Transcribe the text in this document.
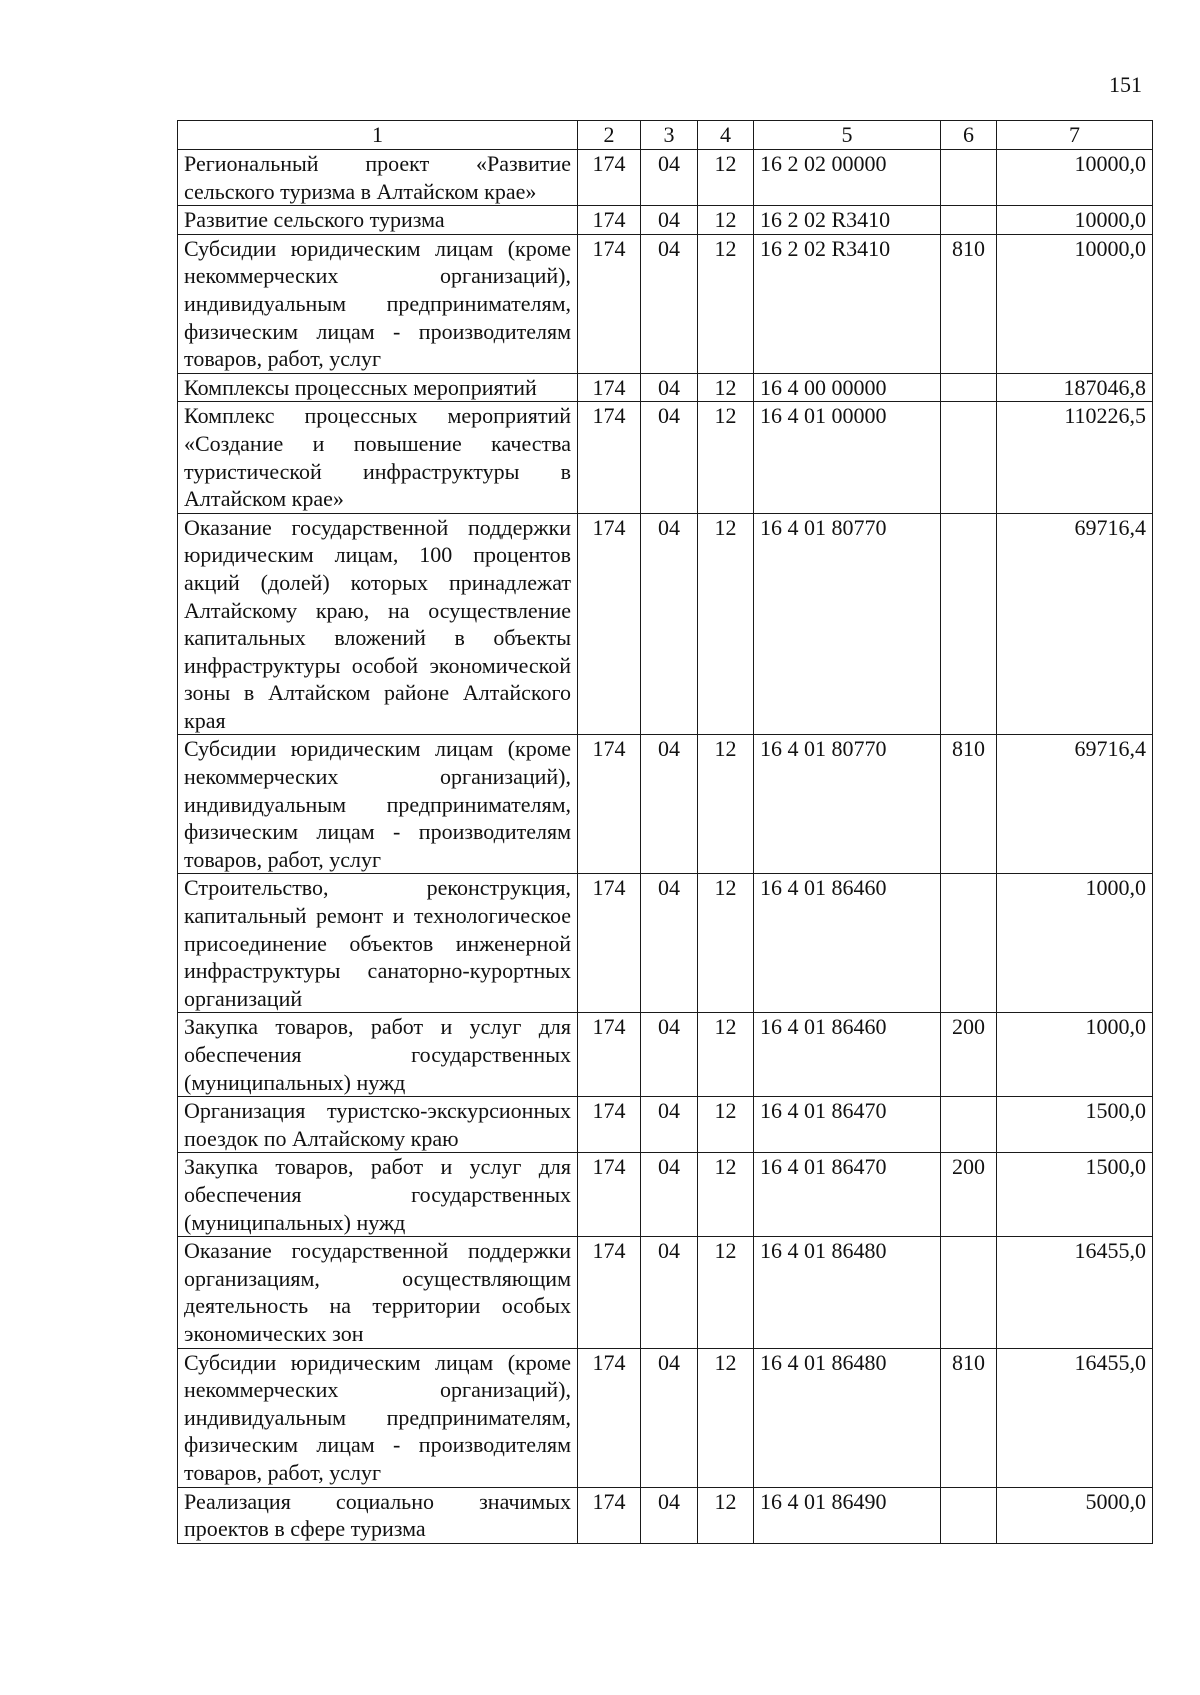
151
1	2	3	4	5	6	7
Региональный проект «Развитие сельского туризма в Алтайском крае»	174	04	12	16 2 02 00000		10000,0
Развитие сельского туризма	174	04	12	16 2 02 R3410		10000,0
Субсидии юридическим лицам (кроме некоммерческих организаций), индивидуальным предпринимателям, физическим лицам - производителям товаров, работ, услуг	174	04	12	16 2 02 R3410	810	10000,0
Комплексы процессных мероприятий	174	04	12	16 4 00 00000		187046,8
Комплекс процессных мероприятий «Создание и повышение качества туристической инфраструктуры в Алтайском крае»	174	04	12	16 4 01 00000		110226,5
Оказание государственной поддержки юридическим лицам, 100 процентов акций (долей) которых принадлежат Алтайскому краю, на осуществление капитальных вложений в объекты инфраструктуры особой экономической зоны в Алтайском районе Алтайского края	174	04	12	16 4 01 80770		69716,4
Субсидии юридическим лицам (кроме некоммерческих организаций), индивидуальным предпринимателям, физическим лицам - производителям товаров, работ, услуг	174	04	12	16 4 01 80770	810	69716,4
Строительство, реконструкция, капитальный ремонт и технологическое присоединение объектов инженерной инфраструктуры санаторно-курортных организаций	174	04	12	16 4 01 86460		1000,0
Закупка товаров, работ и услуг для обеспечения государственных (муниципальных) нужд	174	04	12	16 4 01 86460	200	1000,0
Организация туристско-экскурсионных поездок по Алтайскому краю	174	04	12	16 4 01 86470		1500,0
Закупка товаров, работ и услуг для обеспечения государственных (муниципальных) нужд	174	04	12	16 4 01 86470	200	1500,0
Оказание государственной поддержки организациям, осуществляющим деятельность на территории особых экономических зон	174	04	12	16 4 01 86480		16455,0
Субсидии юридическим лицам (кроме некоммерческих организаций), индивидуальным предпринимателям, физическим лицам - производителям товаров, работ, услуг	174	04	12	16 4 01 86480	810	16455,0
Реализация социально значимых проектов в сфере туризма	174	04	12	16 4 01 86490		5000,0
